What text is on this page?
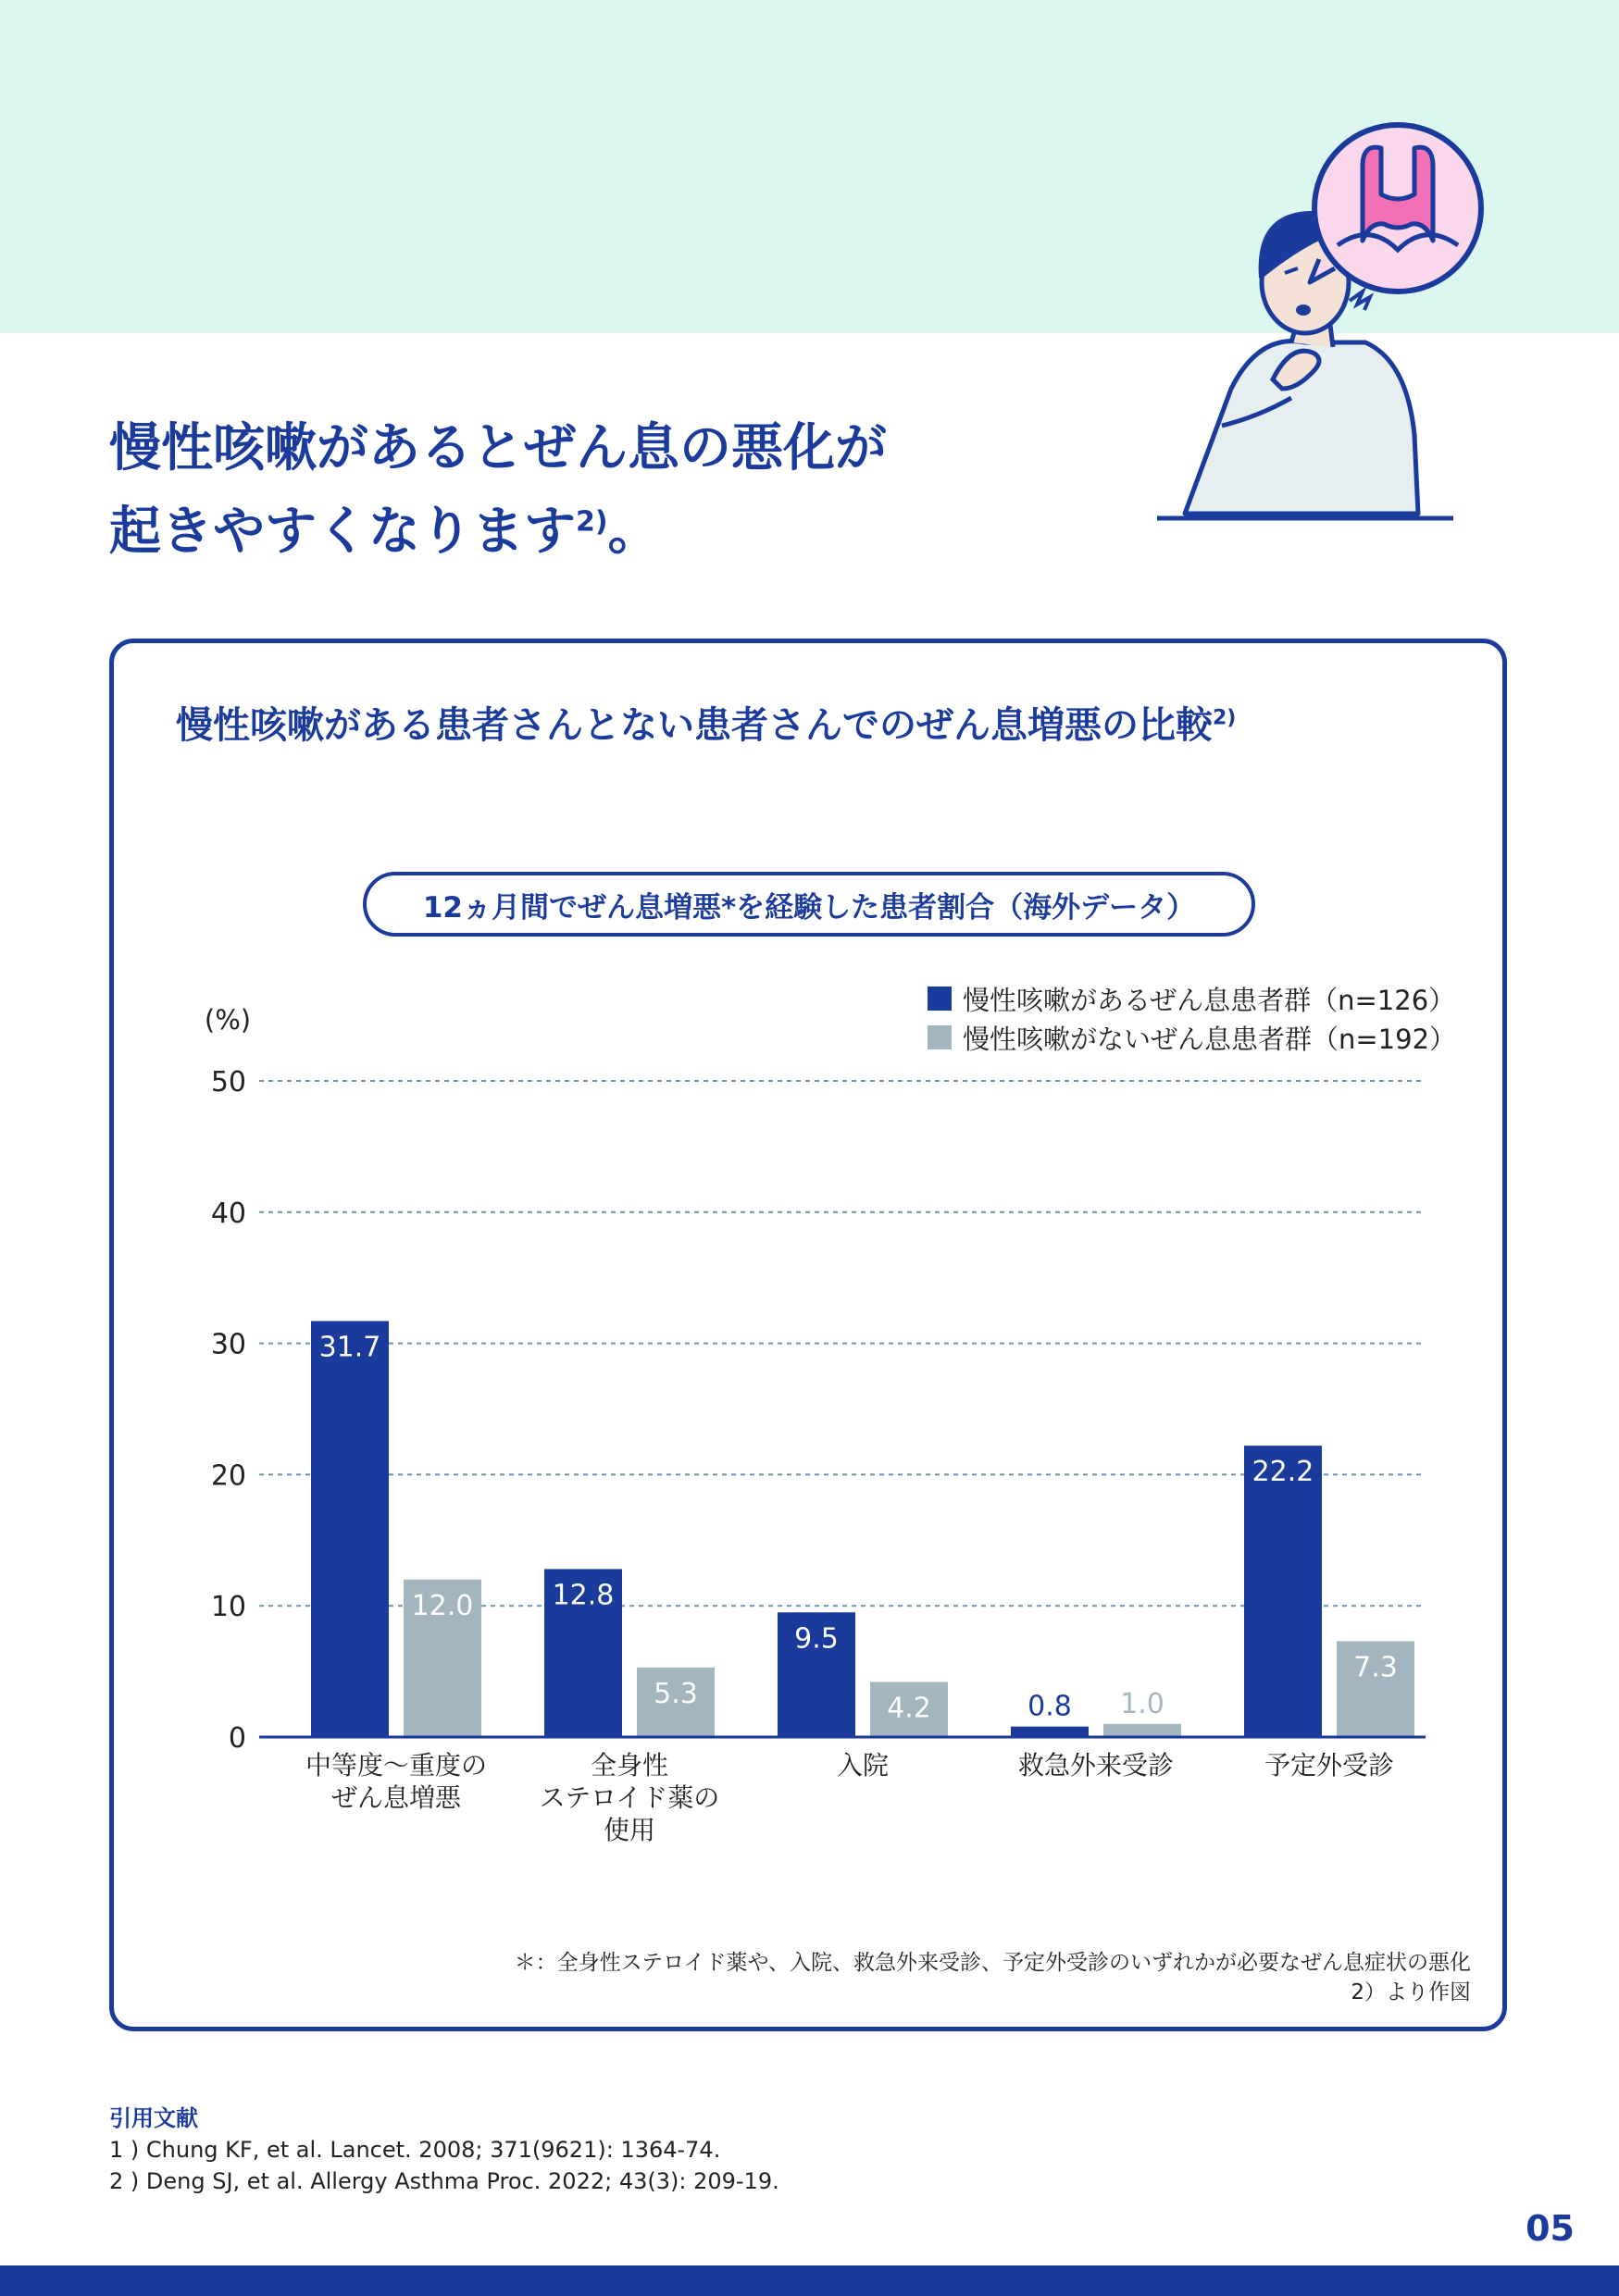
慢性咳嗽があるとぜん息の悪化が
起きやすくなります$^{2)}$。
慢性咳嗽がある患者さんとない患者さんでのぜん息増悪の比較$^{2)}$
12ヵ月間でぜん息増悪*を経験した患者割合（海外データ）
慢性咳嗽があるぜん息患者群（n=126）
慢性咳嗽がないぜん息患者群（n=192）
(%)
0
10
20
30
40
50
31.7
12.8
9.5
0.8
22.2
12.0
5.3	4.2	1.0
7.3
中等度〜重度の
ぜん息増悪
全身性
ステロイド薬の
使用
入院	救急外来受診	予定外受診
＊：全身性ステロイド薬や、入院、救急外来受診、予定外受診のいずれかが必要なぜん息症状の悪化
2）より作図
引用文献
1 ) Chung KF, et al. Lancet. 2008; 371(9621): 1364-74.
2 ) Deng SJ, et al. Allergy Asthma Proc. 2022; 43(3): 209-19.
05
